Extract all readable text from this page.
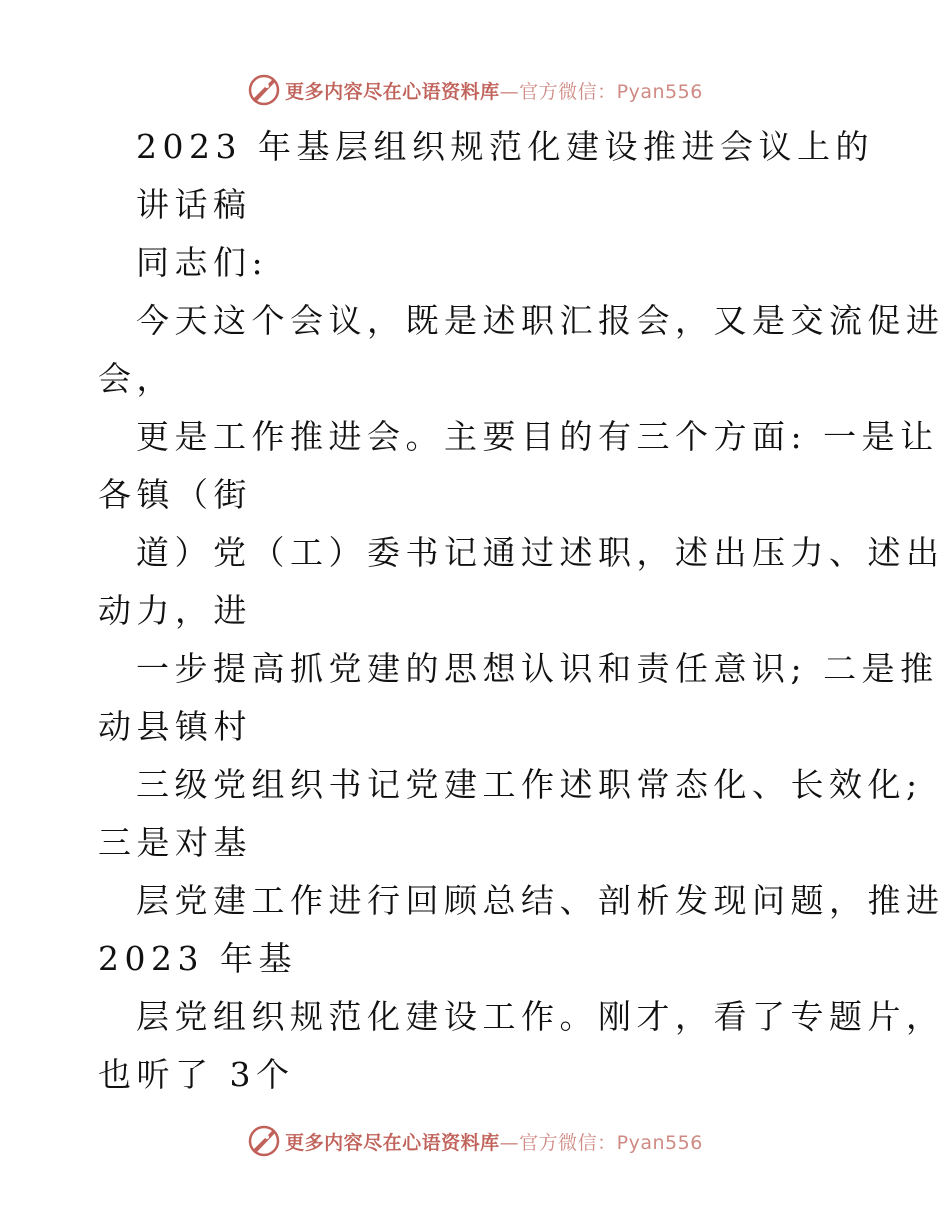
更多内容尽在心语资料库 —官方微信：Pyan556
2023 年基层组织规范化建设推进会议上的
讲话稿
同志们:
今天这个会议，既是述职汇报会，又是交流促进
会，
更是工作推进会。主要目的有三个方面: 一是让
各镇（街
道）党（工）委书记通过述职，述出压力、述出
动力，进
一步提高抓党建的思想认识和责任意识; 二是推
动县镇村
三级党组织书记党建工作述职常态化、长效化;
三是对基
层党建工作进行回顾总结、剖析发现问题，推进
2023 年基
层党组织规范化建设工作。刚才，看了专题片，
也听了 3个
更多内容尽在心语资料库 —官方微信：Pyan556
